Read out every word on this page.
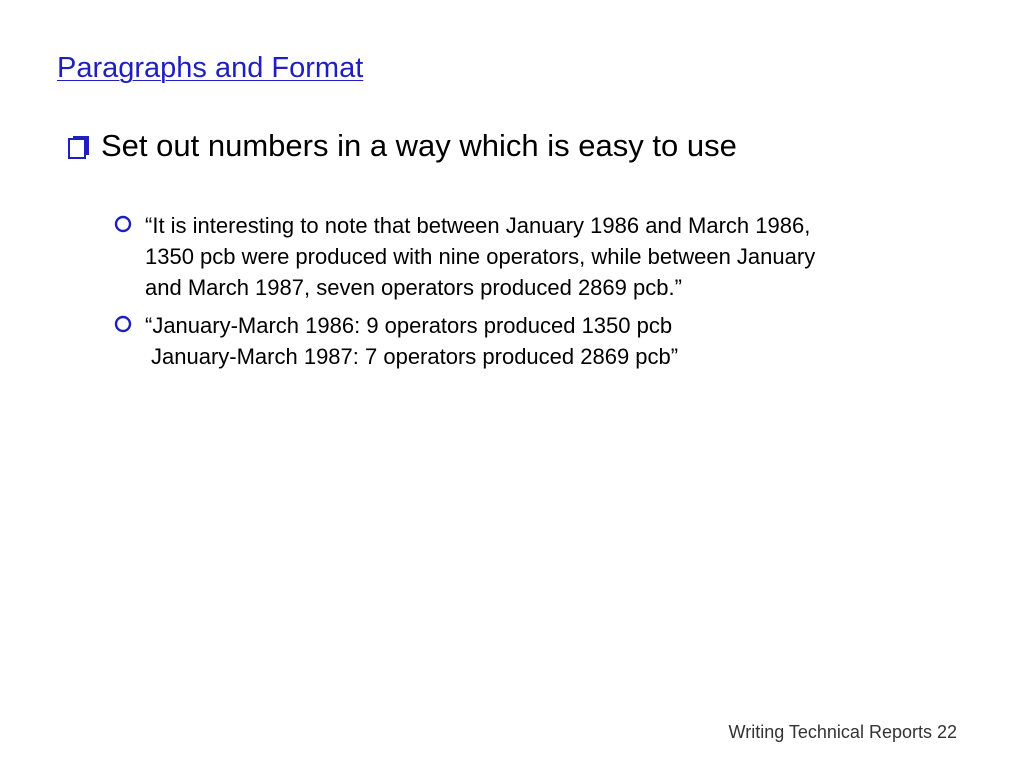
Paragraphs and Format
Set out numbers in a way which is easy to use
“It is interesting to note that between January 1986 and March 1986,
1350 pcb were produced with nine operators, while between January
and March 1987, seven operators produced 2869 pcb.”
“January-March 1986: 9 operators produced 1350 pcb
January-March 1987: 7 operators produced 2869 pcb”
Writing Technical Reports 22
